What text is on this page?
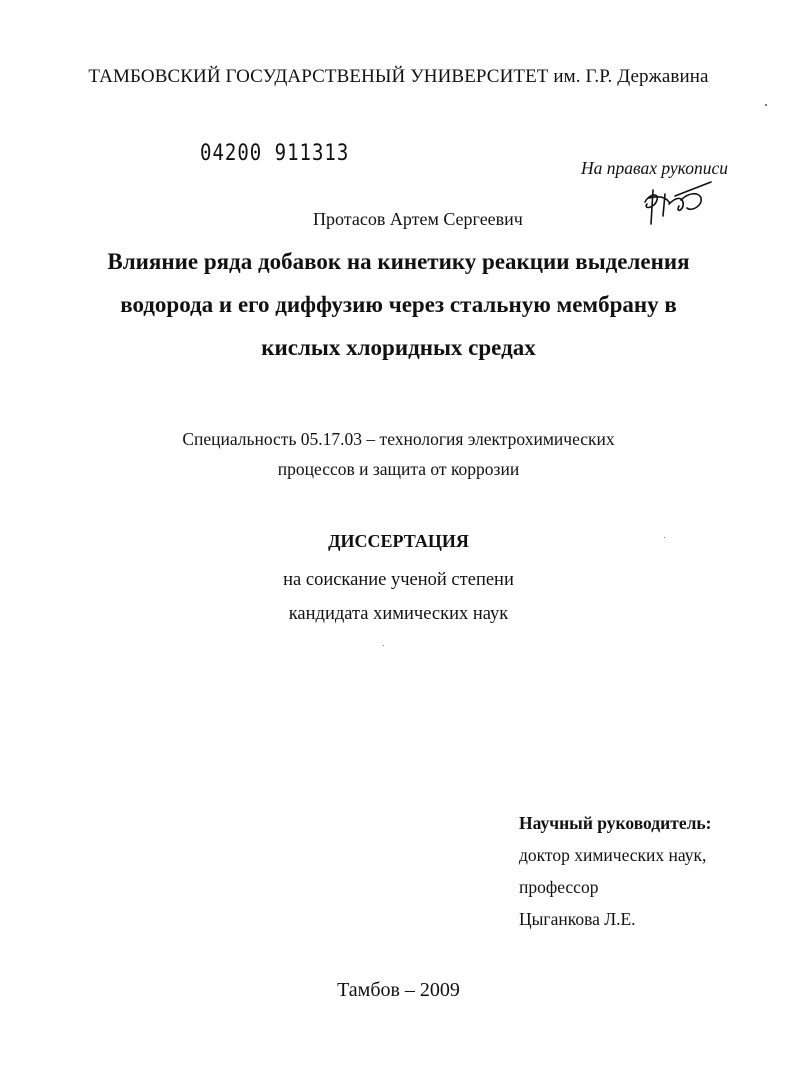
ТАМБОВСКИЙ ГОСУДАРСТВЕНЫЙ УНИВЕРСИТЕТ им. Г.Р. Державина
04200 911313
На правах рукописи
Протасов Артем Сергеевич
Влияние ряда добавок на кинетику реакции выделения
водорода и его диффузию через стальную мембрану в
кислых хлоридных средах
Специальность 05.17.03 – технология электрохимических
процессов и защита от коррозии
ДИССЕРТАЦИЯ
на соискание ученой степени
кандидата химических наук
Научный руководитель:
доктор химических наук,
профессор
Цыганкова Л.Е.
Тамбов – 2009
